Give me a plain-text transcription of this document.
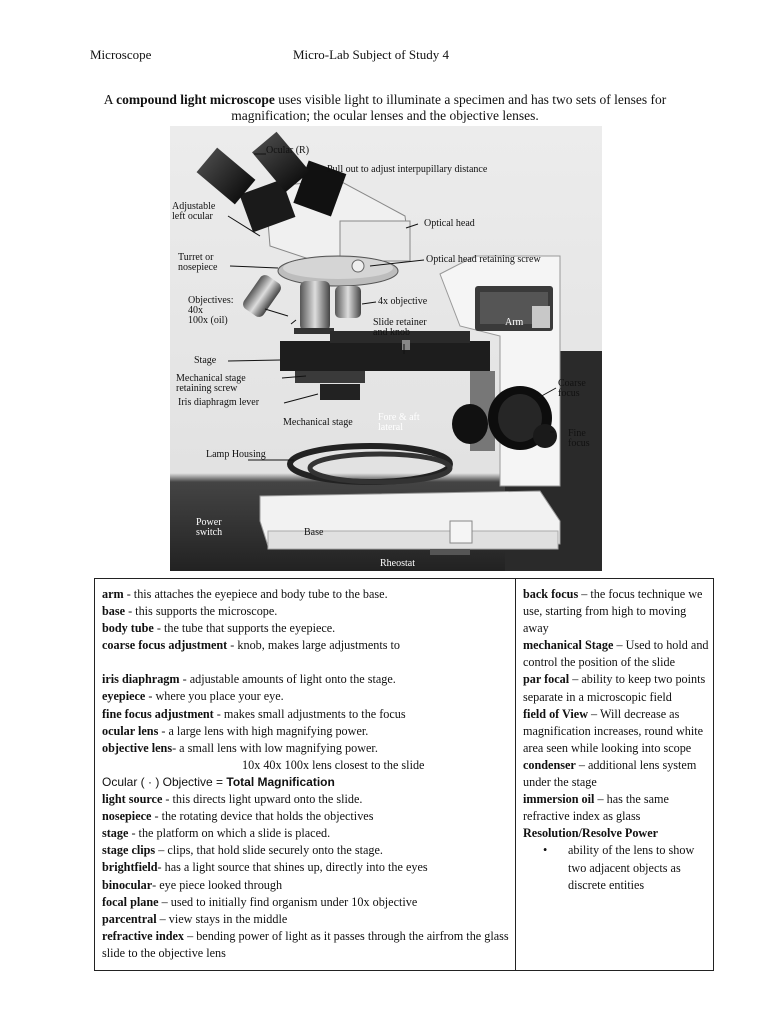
Microscope	Micro-Lab Subject of Study 4
A compound light microscope uses visible light to illuminate a specimen and has two sets of lenses for magnification; the ocular lenses and the objective lenses.
Ocular (R)
Pull out to adjust interpupillary distance
Adjustable
left ocular
Optical head
Turret or
nosepiece
Optical head retaining screw
Objectives:
40x
100x (oil)
4x objective
Arm
Slide retainer
and knob
Stage
Mechanical stage
retaining screw
Iris diaphragm lever
Coarse
focus
Mechanical stage	Fore & aft
lateral
Fine
focus
Lamp Housing
Power
switch	Base
Rheostat
arm - this attaches the eyepiece and body tube to the base.
base - this supports the microscope.
body tube - the tube that supports the eyepiece.
coarse focus adjustment - knob, makes large adjustments to
iris diaphragm - adjustable amounts of light onto the stage.
eyepiece - where you place your eye.
fine focus adjustment - makes small adjustments to the focus
ocular lens - a large lens with high magnifying power.
objective lens- a small lens with low magnifying power.
10x 40x 100x lens closest to the slide
Ocular ( · ) Objective = Total Magnification
light source - this directs light upward onto the slide.
nosepiece - the rotating device that holds the objectives
stage - the platform on which a slide is placed.
stage clips – clips, that hold slide securely onto the stage.
brightfield- has a light source that shines up, directly into the eyes
binocular- eye piece looked through
focal plane – used to initially find organism under 10x objective
parcentral – view stays in the middle
refractive index – bending power of light as it passes through the airfrom the glass slide to the objective lens
back focus – the focus technique we use, starting from high to moving away
mechanical Stage – Used to hold and control the position of the slide
par focal – ability to keep two points separate in a microscopic field
field of View – Will decrease as magnification increases, round white area seen while looking into scope
condenser – additional lens system under the stage
immersion oil – has the same refractive index as glass
Resolution/Resolve Power
•	ability of the lens to show two adjacent objects as discrete entities
